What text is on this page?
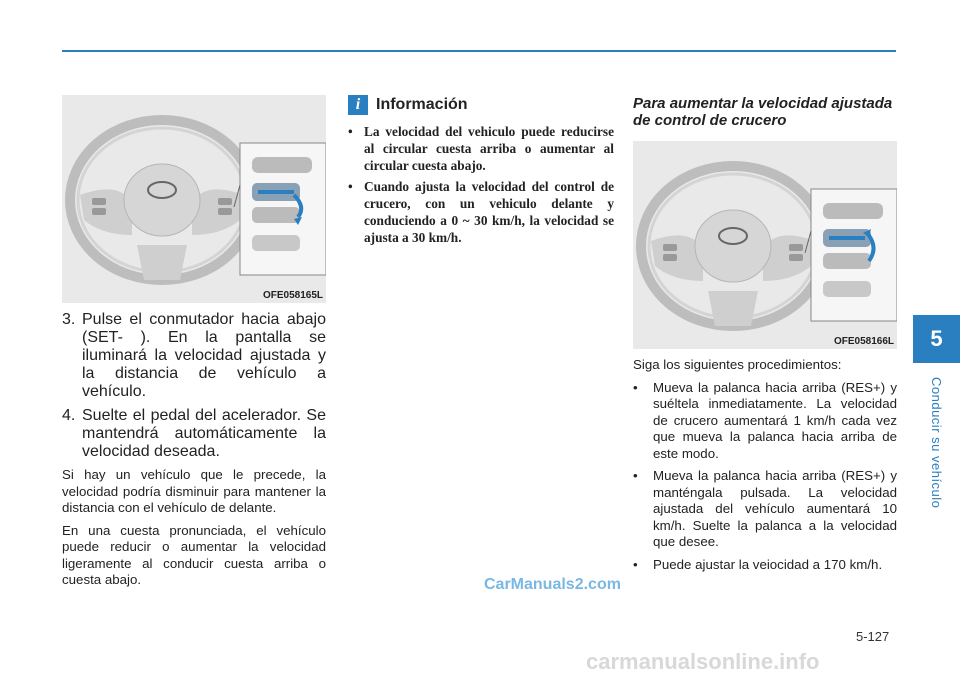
5
Conducir su vehículo
OFE058165L
3. Pulse el conmutador hacia abajo (SET- ). En la pantalla se iluminará la velocidad ajustada y la distancia de vehículo a vehículo.
4. Suelte el pedal del acelerador. Se mantendrá automáticamente la velocidad deseada.

Si hay un vehículo que le precede, la velocidad podría disminuir para mantener la distancia con el vehículo de delante.

En una cuesta pronunciada, el vehículo puede reducir o aumentar la velocidad ligeramente al conducir cuesta arriba o cuesta abajo.

i Información
• La velocidad del vehiculo puede reducirse al circular cuesta arriba o aumentar al circular cuesta abajo.
• Cuando ajusta la velocidad del control de crucero, con un vehiculo delante y conduciendo a 0 ~ 30 km/h, la velocidad se ajusta a 30 km/h.
Para aumentar la velocidad ajustada de control de crucero
OFE058166L

Siga los siguientes procedimientos:

•	Mueva la palanca hacia arriba (RES+) y suéltela inmediatamente. La velocidad de crucero aumentará 1 km/h cada vez que mueva la palanca hacia arriba de este modo.
•	Mueva la palanca hacia arriba (RES+) y manténgala pulsada. La velocidad ajustada del vehículo aumentará 10 km/h. Suelte la palanca a la velocidad que desee.
•	Puede ajustar la veiocidad a 170 km/h.
CarManuals2.com
carmanualsonline.info
5-127
